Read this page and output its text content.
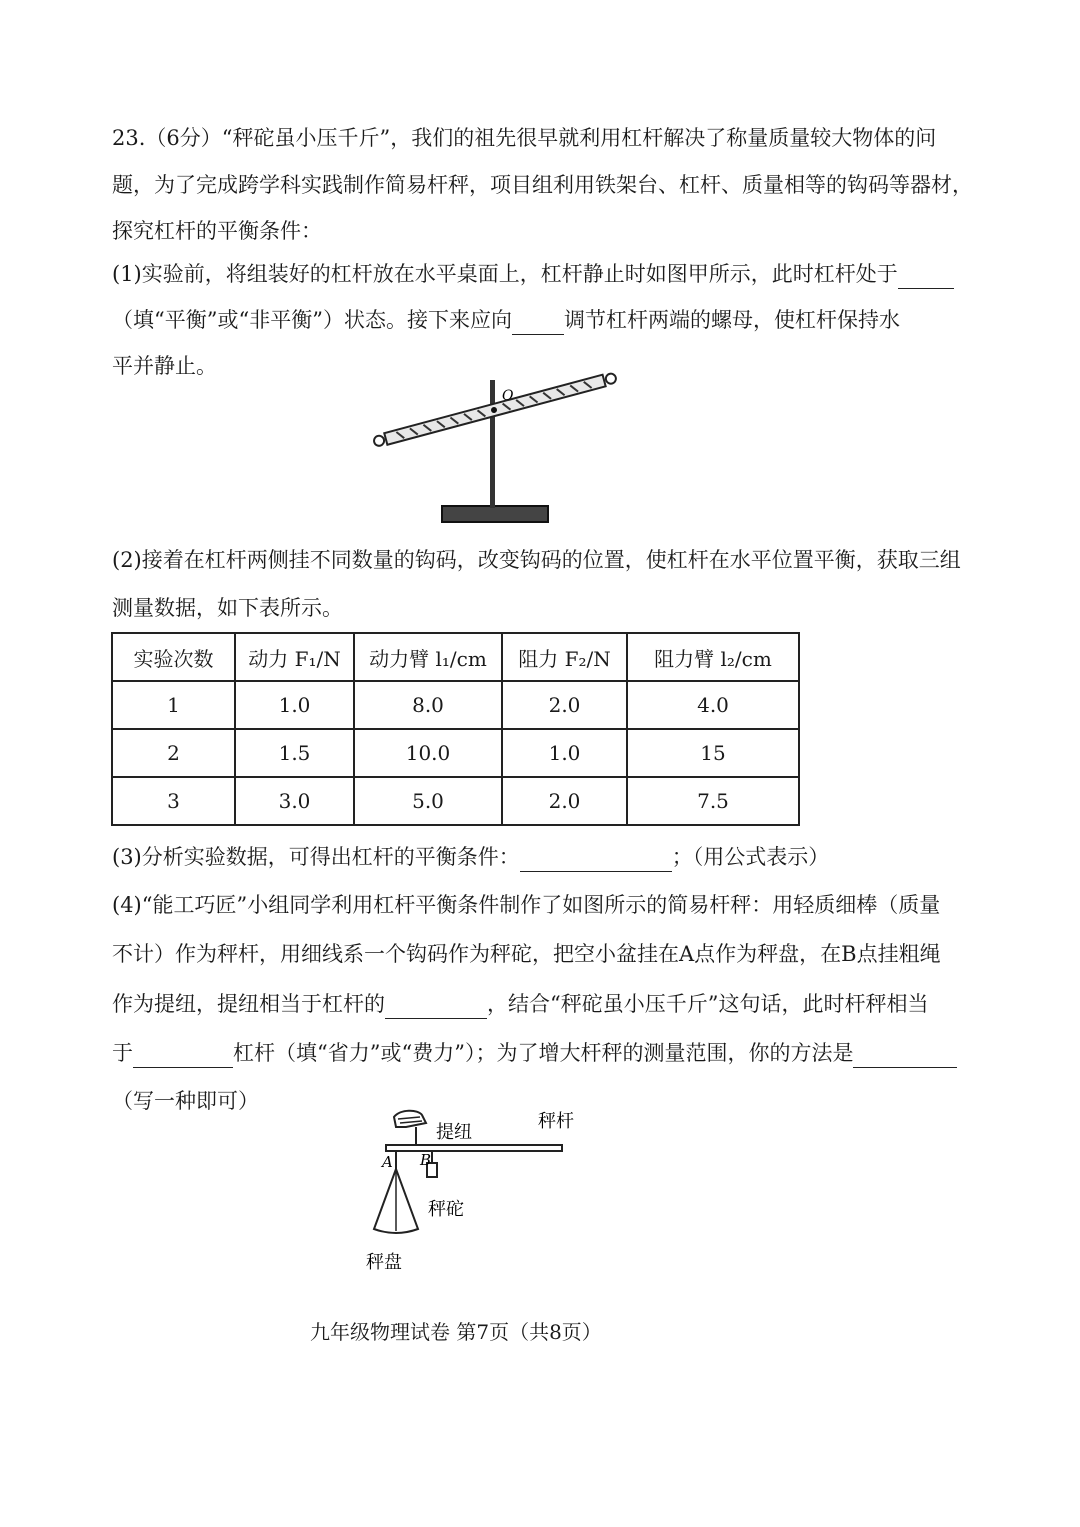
23.（6分）“秤砣虽小压千斤”，我们的祖先很早就利用杠杆解决了称量质量较大物体的问
题，为了完成跨学科实践制作简易杆秤，项目组利用铁架台、杠杆、质量相等的钩码等器材，
探究杠杆的平衡条件：
(1)实验前，将组装好的杠杆放在水平桌面上，杠杆静止时如图甲所示，此时杠杆处于
（填“平衡”或“非平衡”）状态。接下来应向 调节杠杆两端的螺母，使杠杆保持水
平并静止。
O
(2)接着在杠杆两侧挂不同数量的钩码，改变钩码的位置，使杠杆在水平位置平衡，获取三组
测量数据，如下表所示。
实验次数	动力 F₁/N	动力臂 l₁/cm	阻力 F₂/N	阻力臂 l₂/cm
1	1.0	8.0	2.0	4.0
2	1.5	10.0	1.0	15
3	3.0	5.0	2.0	7.5
(3)分析实验数据，可得出杠杆的平衡条件：	；（用公式表示）
(4)“能工巧匠”小组同学利用杠杆平衡条件制作了如图所示的简易杆秤：用轻质细棒（质量
不计）作为秤杆，用细线系一个钩码作为秤砣，把空小盆挂在A点作为秤盘，在B点挂粗绳
作为提纽，提纽相当于杠杆的	，结合“秤砣虽小压千斤”这句话，此时杆秤相当
于	杠杆（填“省力”或“费力”）；为了增大杆秤的测量范围，你的方法是
（写一种即可）
提纽
秤杆
A B
秤砣
秤盘
九年级物理试卷 第7页（共8页）
